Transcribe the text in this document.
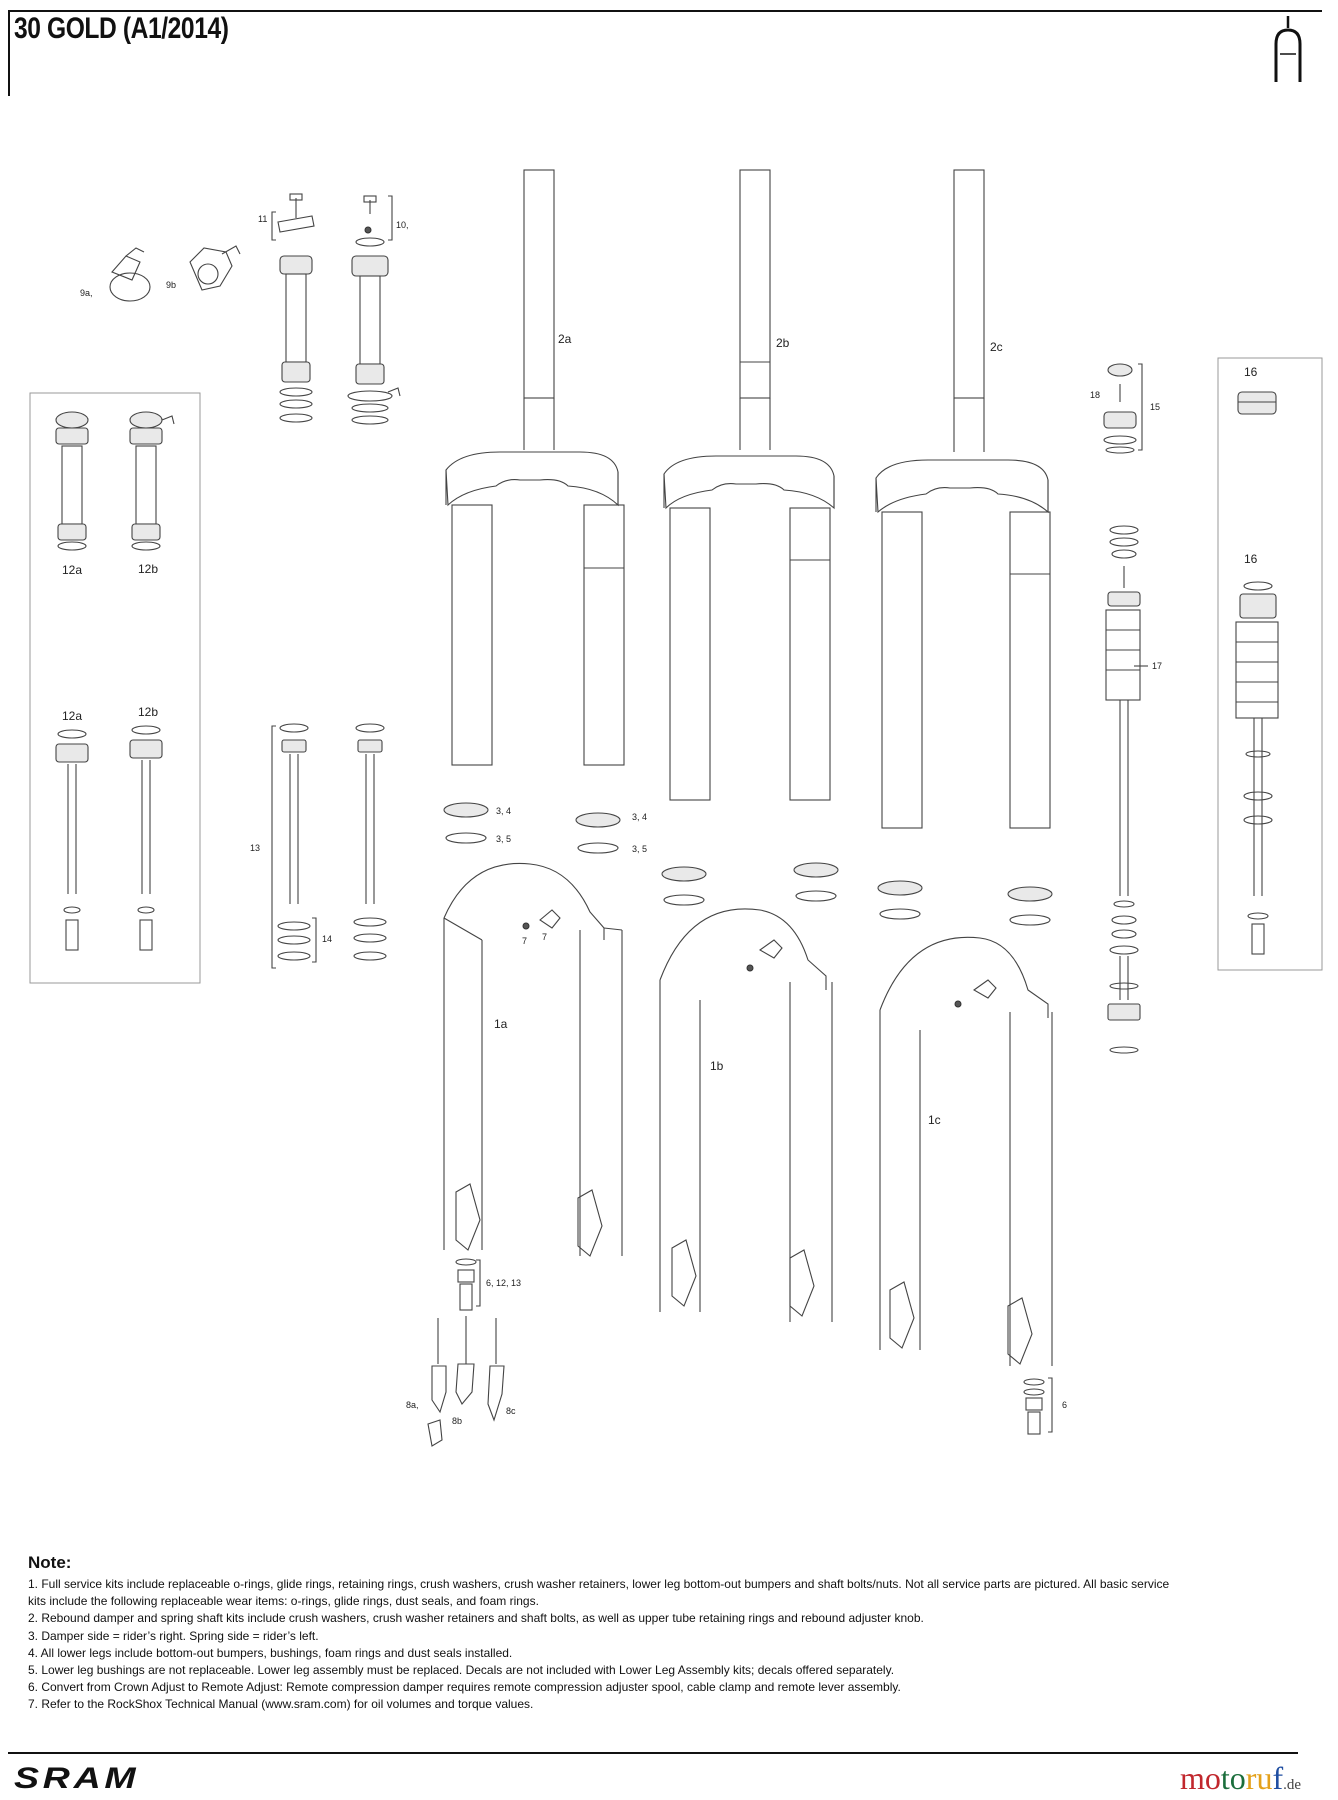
30 GOLD (A1/2014)
9a,
9b
11
10,
2a	2b	2c
18
15
17
16
16
12a	12b
12a	12b
13
14
3, 4
3, 5
3, 4
3, 5
7 7
1a
1b
1c
6, 12, 13
8a,
8b
8c
6
Note:
1. Full service kits include replaceable o-rings, glide rings, retaining rings, crush washers, crush washer retainers, lower leg bottom-out bumpers and shaft bolts/nuts. Not all service parts are pictured. All basic service
kits include the following replaceable wear items: o-rings, glide rings, dust seals, and foam rings.
2. Rebound damper and spring shaft kits include crush washers, crush washer retainers and shaft bolts, as well as upper tube retaining rings and rebound adjuster knob.
3. Damper side = rider’s right. Spring side = rider’s left.
4. All lower legs include bottom-out bumpers, bushings, foam rings and dust seals installed.
5. Lower leg bushings are not replaceable. Lower leg assembly must be replaced. Decals are not included with Lower Leg Assembly kits; decals offered separately.
6. Convert from Crown Adjust to Remote Adjust: Remote compression damper requires remote compression adjuster spool, cable clamp and remote lever assembly.
7. Refer to the RockShox Technical Manual (www.sram.com) for oil volumes and torque values.
SRAM	motoruf.de
